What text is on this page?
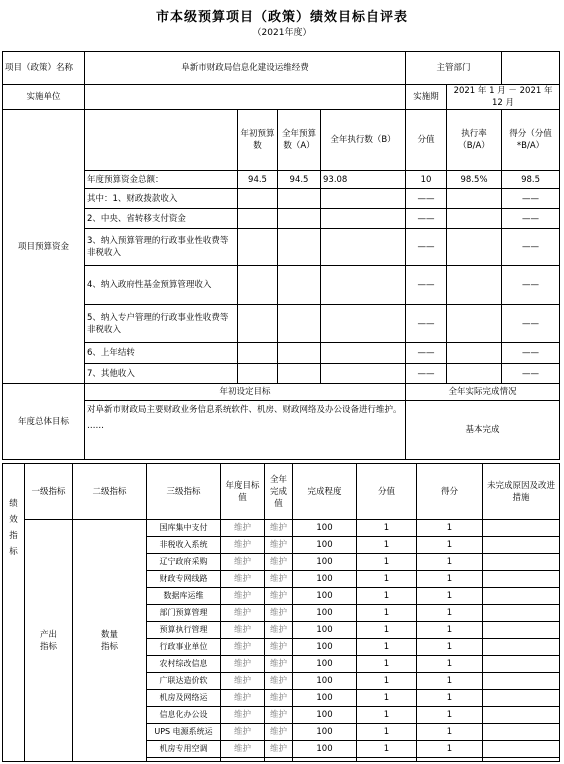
市本级预算项目（政策）绩效目标自评表
（2021年度）
项目（政策）名称	阜新市财政局信息化建设运维经费				主管部门		
实施单位					实施期	2021 年 1 月 － 2021 年 12 月	
项目预算资金		年初预算数	全年预算数（A）	全年执行数（B）	分值	执行率（B/A）	得分（分值*B/A）
	年度预算资金总额：	94.5	94.5	93.08	10	98.5%	98.5
	其中：1、财政拨款收入				——		——
	2、中央、省转移支付资金				——		——
	3、纳入预算管理的行政事业性收费等非税收入				——		——
	4、纳入政府性基金预算管理收入				——		——
	5、纳入专户管理的行政事业性收费等非税收入				——		——
	6、上年结转				——		——
	7、其他收入				——		——
年度总体目标	年初设定目标				全年实际完成情况		

	对阜新市财政局主要财政业务信息系统软件、机房、财政网络及办公设备进行维护。
……				基本完成		
绩效指标	一级指标	二级指标	三级指标	年度目标值	全年完成值	完成程度	分值	得分	未完成原因及改进措施

	产出指标	数量指标	国库集中支付	维护	维护	100	1	1	
			非税收入系统	维护	维护	100	1	1	
			辽宁政府采购	维护	维护	100	1	1	
			财政专网线路	维护	维护	100	1	1	
			数据库运维	维护	维护	100	1	1	
			部门预算管理	维护	维护	100	1	1	
			预算执行管理	维护	维护	100	1	1	
			行政事业单位	维护	维护	100	1	1	
			农村综改信息	维护	维护	100	1	1	
			广联达造价软	维护	维护	100	1	1	
			机房及网络运	维护	维护	100	1	1	
			信息化办公设	维护	维护	100	1	1	
			UPS 电源系统运	维护	维护	100	1	1	
			机房专用空调	维护	维护	100	1	1	
